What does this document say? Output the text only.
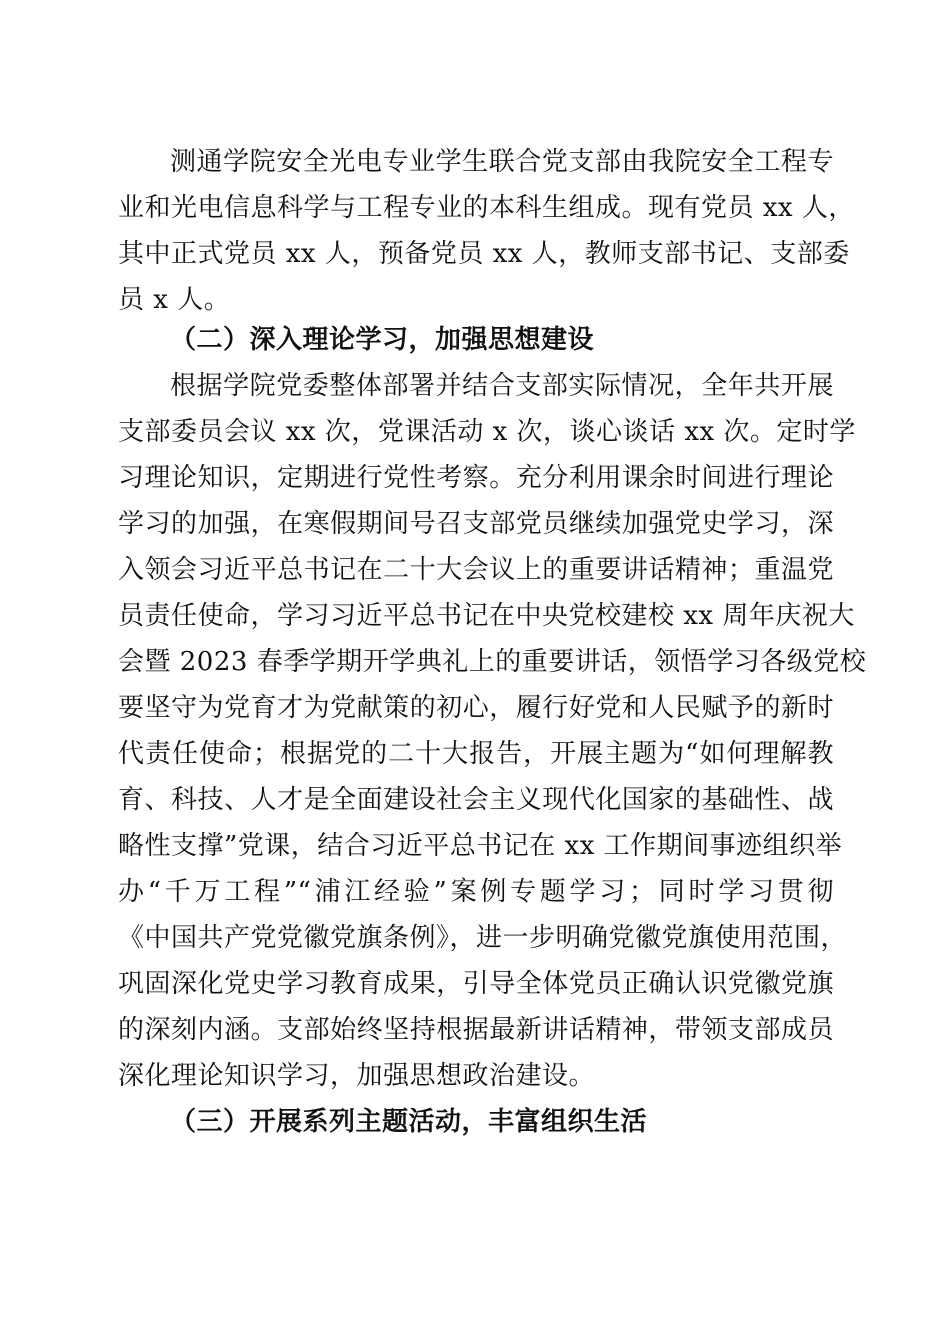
测通学院安全光电专业学生联合党支部由我院安全工程专
业和光电信息科学与工程专业的本科生组成。现有党员 xx 人，
其中正式党员 xx 人，预备党员 xx 人，教师支部书记、支部委
员 x 人。
（二）深入理论学习，加强思想建设
根据学院党委整体部署并结合支部实际情况，全年共开展
支部委员会议 xx 次，党课活动 x 次，谈心谈话 xx 次。定时学
习理论知识，定期进行党性考察。充分利用课余时间进行理论
学习的加强，在寒假期间号召支部党员继续加强党史学习，深
入领会习近平总书记在二十大会议上的重要讲话精神；重温党
员责任使命，学习习近平总书记在中央党校建校 xx 周年庆祝大
会暨 2023 春季学期开学典礼上的重要讲话，领悟学习各级党校
要坚守为党育才为党献策的初心，履行好党和人民赋予的新时
代责任使命；根据党的二十大报告，开展主题为“如何理解教
育、科技、人才是全面建设社会主义现代化国家的基础性、战
略性支撑”党课，结合习近平总书记在 xx 工作期间事迹组织举
办“千万工程”“浦江经验”案例专题学习；同时学习贯彻
《中国共产党党徽党旗条例》，进一步明确党徽党旗使用范围，
巩固深化党史学习教育成果，引导全体党员正确认识党徽党旗
的深刻内涵。支部始终坚持根据最新讲话精神，带领支部成员
深化理论知识学习，加强思想政治建设。
（三）开展系列主题活动，丰富组织生活
